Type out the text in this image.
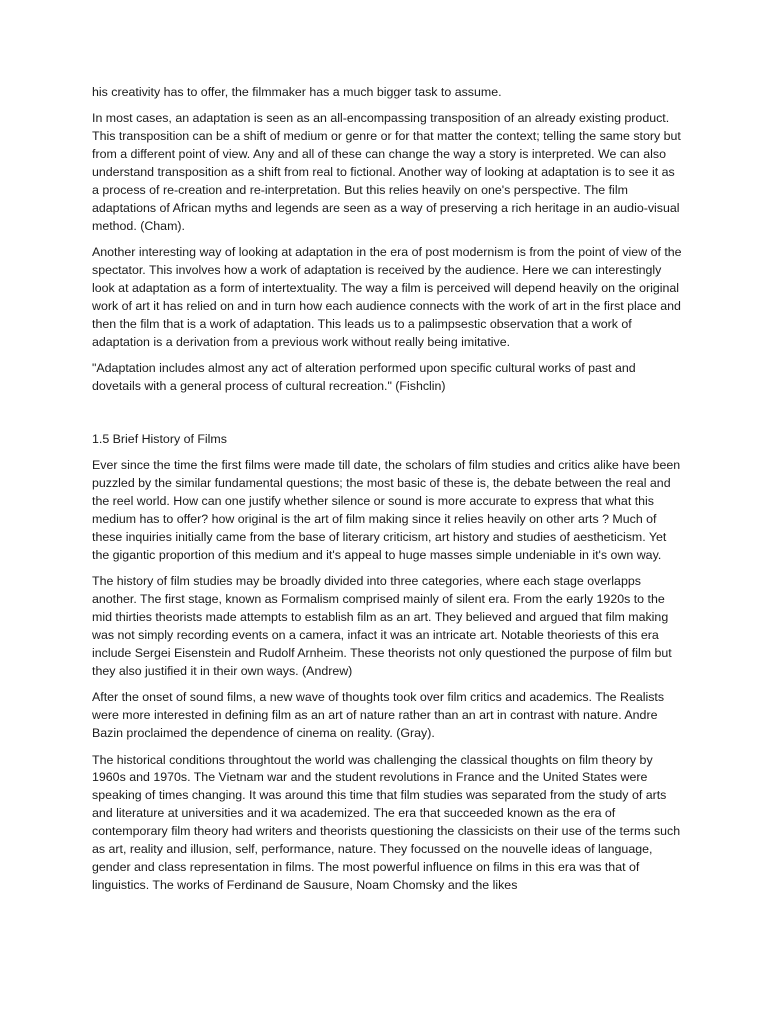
his creativity has to offer, the filmmaker has a much bigger task to assume.

In most cases, an adaptation is seen as an all-encompassing transposition of an already existing product. This transposition can be a shift of medium or genre or for that matter the context; telling the same story but from a different point of view. Any and all of these can change the way a story is interpreted. We can also understand transposition as a shift from real to fictional. Another way of looking at adaptation is to see it as a process of re-creation and re-interpretation. But this relies heavily on one's perspective. The film adaptations of African myths and legends are seen as a way of preserving a rich heritage in an audio-visual method. (Cham).

Another interesting way of looking at adaptation in the era of post modernism is from the point of view of the spectator. This involves how a work of adaptation is received by the audience. Here we can interestingly look at adaptation as a form of intertextuality. The way a film is perceived will depend heavily on the original work of art it has relied on and in turn how each audience connects with the work of art in the first place and then the film that is a work of adaptation. This leads us to a palimpsestic observation that a work of adaptation is a derivation from a previous work without really being imitative.

"Adaptation includes almost any act of alteration performed upon specific cultural works of past and dovetails with a general process of cultural recreation." (Fishclin)

1.5 Brief History of Films

Ever since the time the first films were made till date, the scholars of film studies and critics alike have been puzzled by the similar fundamental questions; the most basic of these is, the debate between the real and the reel world. How can one justify whether silence or sound is more accurate to express that what this medium has to offer? how original is the art of film making since it relies heavily on other arts ? Much of these inquiries initially came from the base of literary criticism, art history and studies of aestheticism. Yet the gigantic proportion of this medium and it's appeal to huge masses simple undeniable in it's own way.

The history of film studies may be broadly divided into three categories, where each stage overlapps another. The first stage, known as Formalism comprised mainly of silent era. From the early 1920s to the mid thirties theorists made attempts to establish film as an art. They believed and argued that film making was not simply recording events on a camera, infact it was an intricate art. Notable theoriests of this era include Sergei Eisenstein and Rudolf Arnheim. These theorists not only questioned the purpose of film but they also justified it in their own ways. (Andrew)

After the onset of sound films, a new wave of thoughts took over film critics and academics. The Realists were more interested in defining film as an art of nature rather than an art in contrast with nature. Andre Bazin proclaimed the dependence of cinema on reality. (Gray).

The historical conditions throughtout the world was challenging the classical thoughts on film theory by 1960s and 1970s. The Vietnam war and the student revolutions in France and the United States were speaking of times changing. It was around this time that film studies was separated from the study of arts and literature at universities and it wa academized. The era that succeeded known as the era of contemporary film theory had writers and theorists questioning the classicists on their use of the terms such as art, reality and illusion, self, performance, nature. They focussed on the nouvelle ideas of language, gender and class representation in films. The most powerful influence on films in this era was that of linguistics. The works of Ferdinand de Sausure, Noam Chomsky and the likes
